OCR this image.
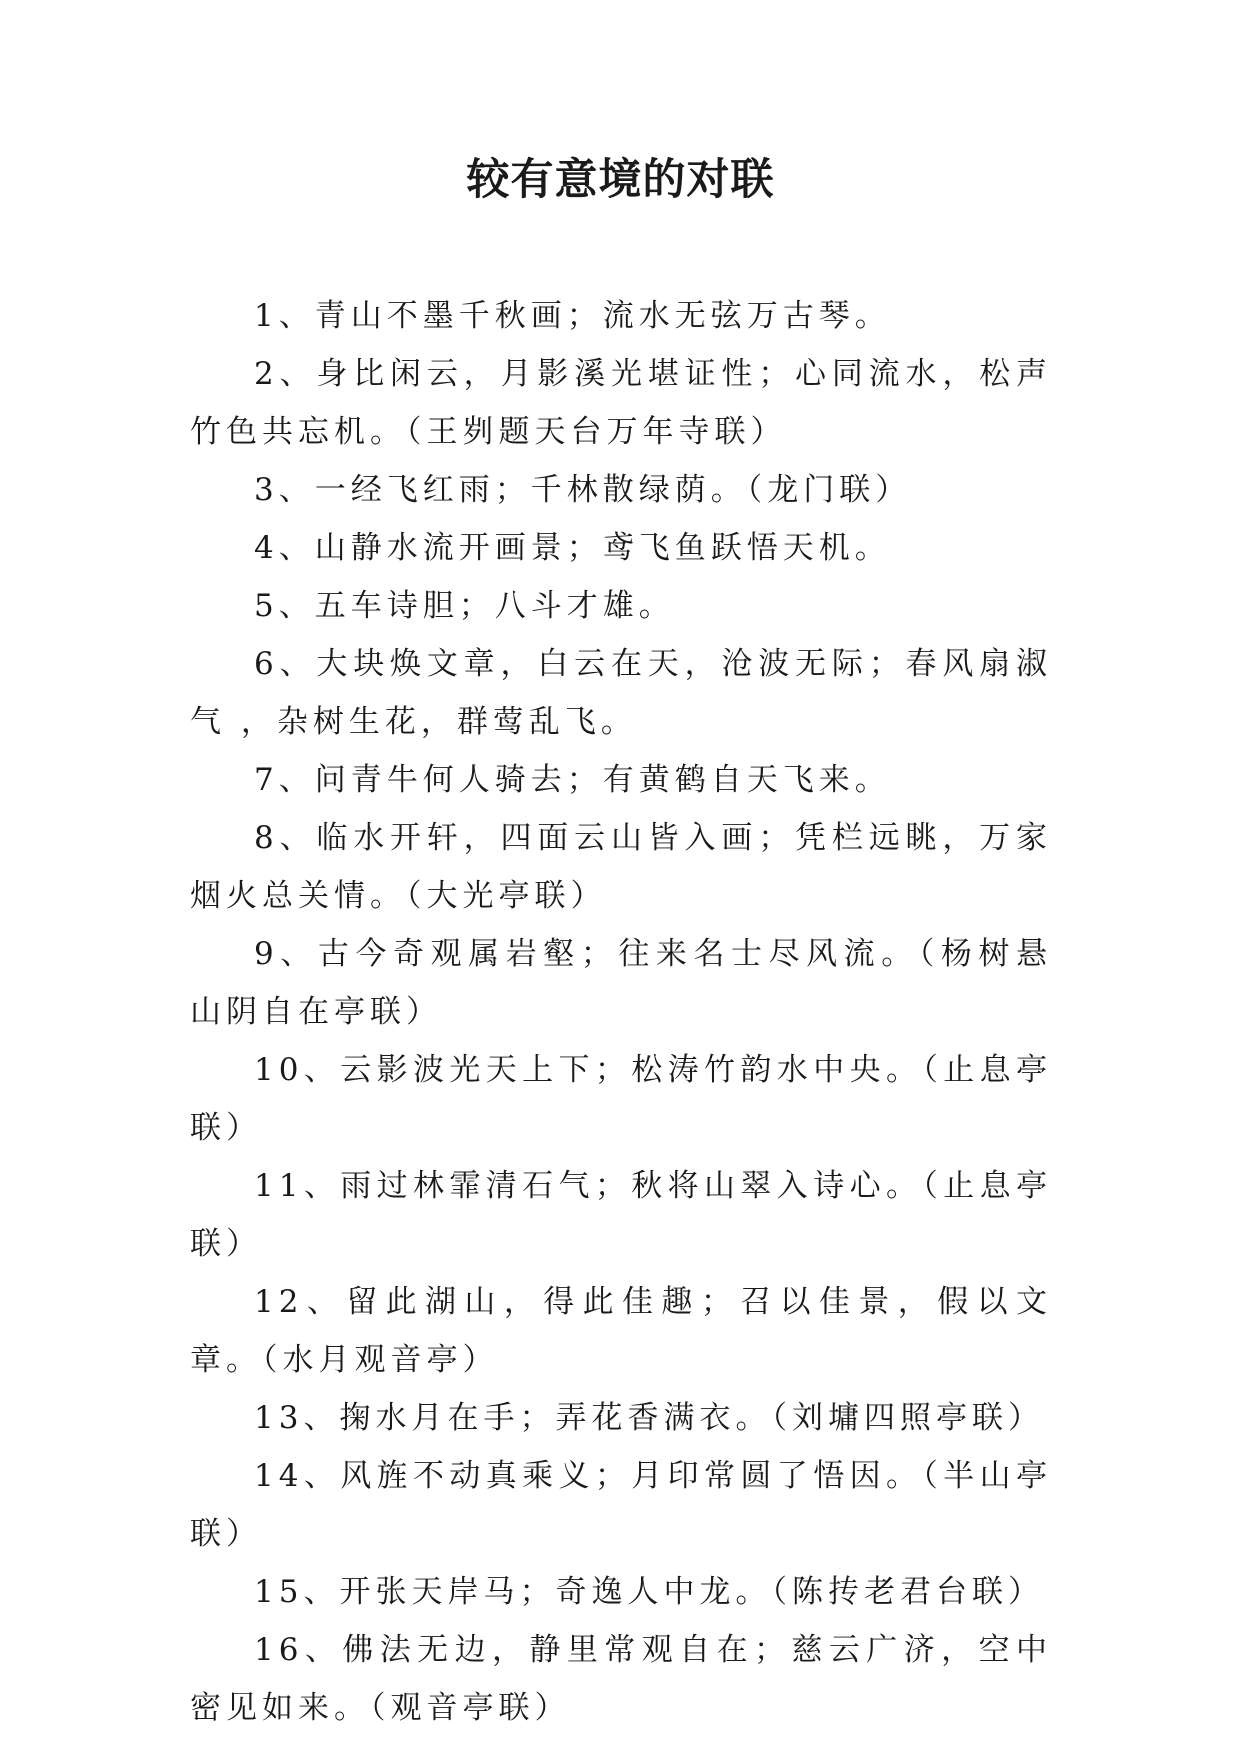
较有意境的对联

1、青山不墨千秋画；流水无弦万古琴。

2、身比闲云，月影溪光堪证性；心同流水，松声竹色共忘机。（王刿题天台万年寺联）

3、一经飞红雨；千林散绿荫。（龙门联）

4、山静水流开画景；鸢飞鱼跃悟天机。

5、五车诗胆；八斗才雄。

6、大块焕文章，白云在天，沧波无际；春风扇淑气 ，杂树生花，群莺乱飞。

7、问青牛何人骑去；有黄鹤自天飞来。

8、临水开轩，四面云山皆入画；凭栏远眺，万家烟火总关情。（大光亭联）

9、古今奇观属岩壑；往来名士尽风流。（杨树悬山阴自在亭联）

10、云影波光天上下；松涛竹韵水中央。（止息亭联）

11、雨过林霏清石气；秋将山翠入诗心。（止息亭联）

12、留此湖山，得此佳趣；召以佳景，假以文章。（水月观音亭）

13、掬水月在手；弄花香满衣。（刘墉四照亭联）

14、风旌不动真乘义；月印常圆了悟因。（半山亭联）

15、开张天岸马；奇逸人中龙。（陈抟老君台联）

16、佛法无边，静里常观自在；慈云广济，空中密见如来。（观音亭联）
